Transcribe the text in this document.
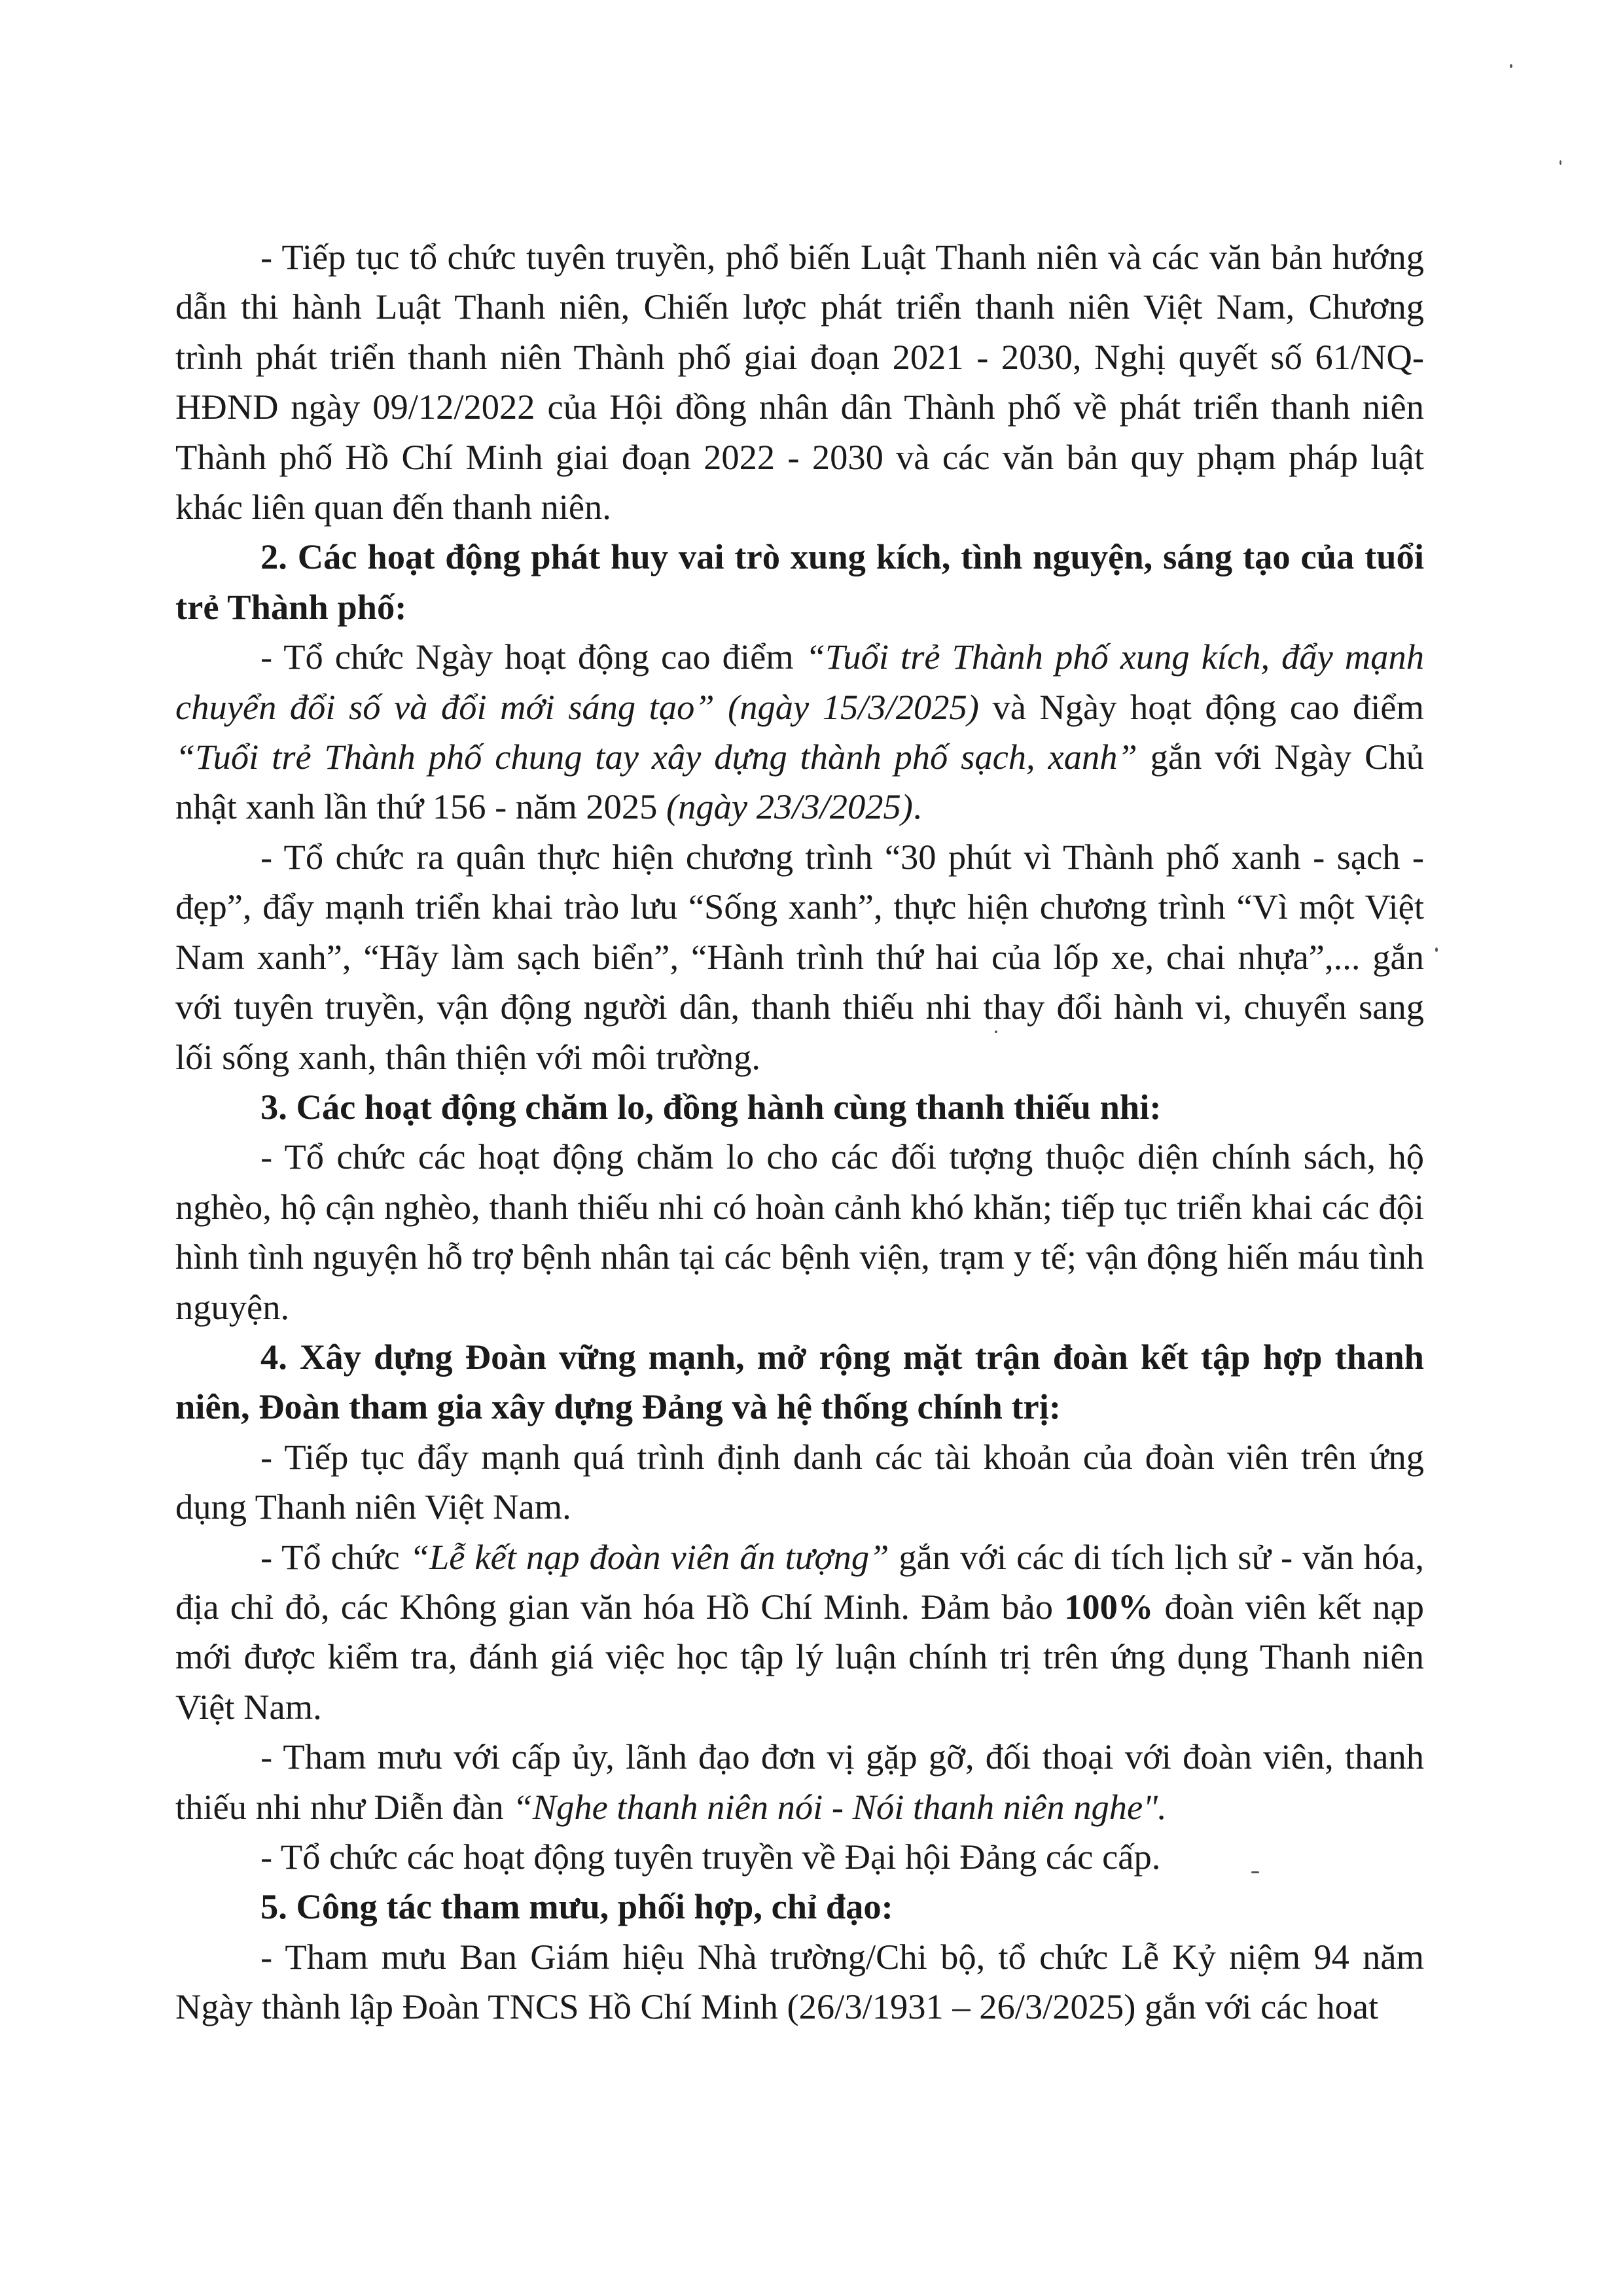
- Tiếp tục tổ chức tuyên truyền, phổ biến Luật Thanh niên và các văn bản hướng dẫn thi hành Luật Thanh niên, Chiến lược phát triển thanh niên Việt Nam, Chương trình phát triển thanh niên Thành phố giai đoạn 2021 - 2030, Nghị quyết số 61/NQ-HĐND ngày 09/12/2022 của Hội đồng nhân dân Thành phố về phát triển thanh niên Thành phố Hồ Chí Minh giai đoạn 2022 - 2030 và các văn bản quy phạm pháp luật khác liên quan đến thanh niên.

2. Các hoạt động phát huy vai trò xung kích, tình nguyện, sáng tạo của tuổi trẻ Thành phố:

- Tổ chức Ngày hoạt động cao điểm “Tuổi trẻ Thành phố xung kích, đẩy mạnh chuyển đổi số và đổi mới sáng tạo” (ngày 15/3/2025) và Ngày hoạt động cao điểm “Tuổi trẻ Thành phố chung tay xây dựng thành phố sạch, xanh” gắn với Ngày Chủ nhật xanh lần thứ 156 - năm 2025 (ngày 23/3/2025).

- Tổ chức ra quân thực hiện chương trình “30 phút vì Thành phố xanh - sạch - đẹp”, đẩy mạnh triển khai trào lưu “Sống xanh”, thực hiện chương trình “Vì một Việt Nam xanh”, “Hãy làm sạch biển”, “Hành trình thứ hai của lốp xe, chai nhựa”,... gắn với tuyên truyền, vận động người dân, thanh thiếu nhi thay đổi hành vi, chuyển sang lối sống xanh, thân thiện với môi trường.

3. Các hoạt động chăm lo, đồng hành cùng thanh thiếu nhi:

- Tổ chức các hoạt động chăm lo cho các đối tượng thuộc diện chính sách, hộ nghèo, hộ cận nghèo, thanh thiếu nhi có hoàn cảnh khó khăn; tiếp tục triển khai các đội hình tình nguyện hỗ trợ bệnh nhân tại các bệnh viện, trạm y tế; vận động hiến máu tình nguyện.

4. Xây dựng Đoàn vững mạnh, mở rộng mặt trận đoàn kết tập hợp thanh niên, Đoàn tham gia xây dựng Đảng và hệ thống chính trị:

- Tiếp tục đẩy mạnh quá trình định danh các tài khoản của đoàn viên trên ứng dụng Thanh niên Việt Nam.

- Tổ chức “Lễ kết nạp đoàn viên ấn tượng” gắn với các di tích lịch sử - văn hóa, địa chỉ đỏ, các Không gian văn hóa Hồ Chí Minh. Đảm bảo 100% đoàn viên kết nạp mới được kiểm tra, đánh giá việc học tập lý luận chính trị trên ứng dụng Thanh niên Việt Nam.

- Tham mưu với cấp ủy, lãnh đạo đơn vị gặp gỡ, đối thoại với đoàn viên, thanh thiếu nhi như Diễn đàn “Nghe thanh niên nói - Nói thanh niên nghe".

- Tổ chức các hoạt động tuyên truyền về Đại hội Đảng các cấp.

5. Công tác tham mưu, phối hợp, chỉ đạo:

- Tham mưu Ban Giám hiệu Nhà trường/Chi bộ, tổ chức Lễ Kỷ niệm 94 năm Ngày thành lập Đoàn TNCS Hồ Chí Minh (26/3/1931 – 26/3/2025) gắn với các hoat
